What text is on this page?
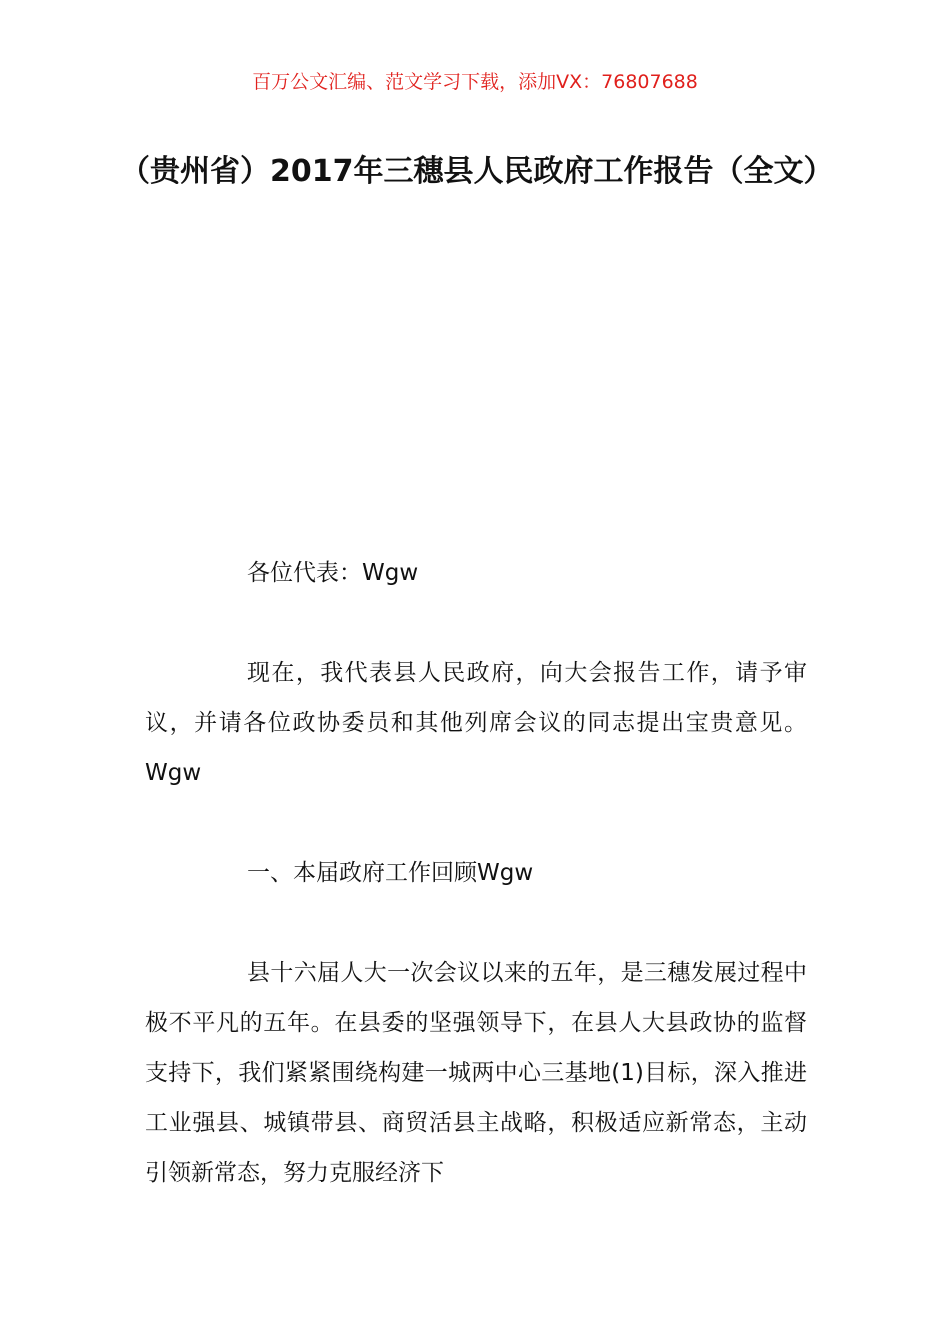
百万公文汇编、范文学习下载，添加VX：76807688
（贵州省）2017年三穗县人民政府工作报告（全文）

各位代表：Wgw

现在，我代表县人民政府，向大会报告工作，请予审议，并请各位政协委员和其他列席会议的同志提出宝贵意见。Wgw

一、本届政府工作回顾Wgw

县十六届人大一次会议以来的五年，是三穗发展过程中极不平凡的五年。在县委的坚强领导下，在县人大县政协的监督支持下，我们紧紧围绕构建一城两中心三基地(1)目标，深入推进工业强县、城镇带县、商贸活县主战略，积极适应新常态，主动引领新常态，努力克服经济下
